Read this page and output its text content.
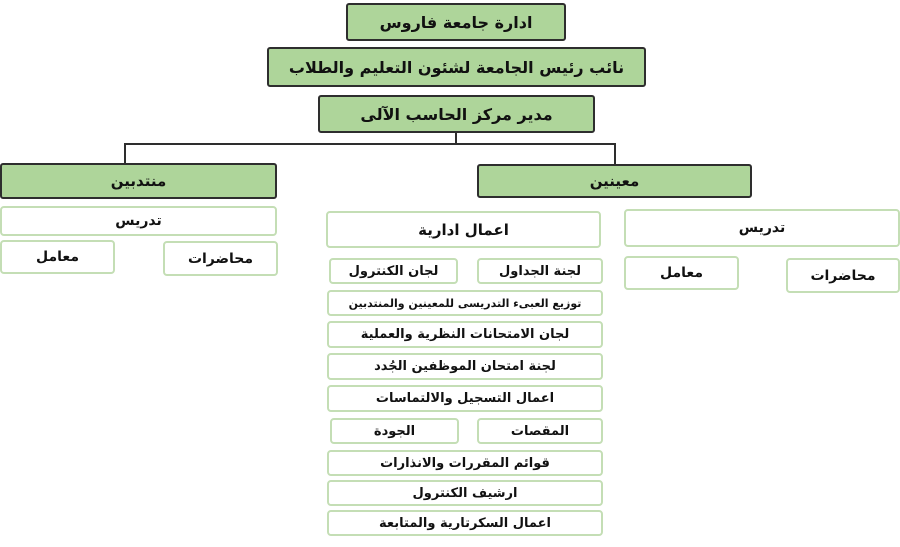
ادارة جامعة فاروس
نائب رئيس الجامعة لشئون التعليم والطلاب
مدير مركز الحاسب الآلى
منتدبين	معينين
تدريس
معامل	محاضرات
تدريس
معامل	محاضرات
اعمال ادارية
لجان الكنترول	لجنة الجداول
توزيع العبىء التدريسى للمعينين والمنتدبين
لجان الامتحانات النظرية والعملية
لجنة امتحان الموظفين الجُدد
اعمال التسجيل والالتماسات
الجودة	المقصات
قوائم المقررات والانذارات
ارشيف الكنترول
اعمال السكرتارية والمتابعة
